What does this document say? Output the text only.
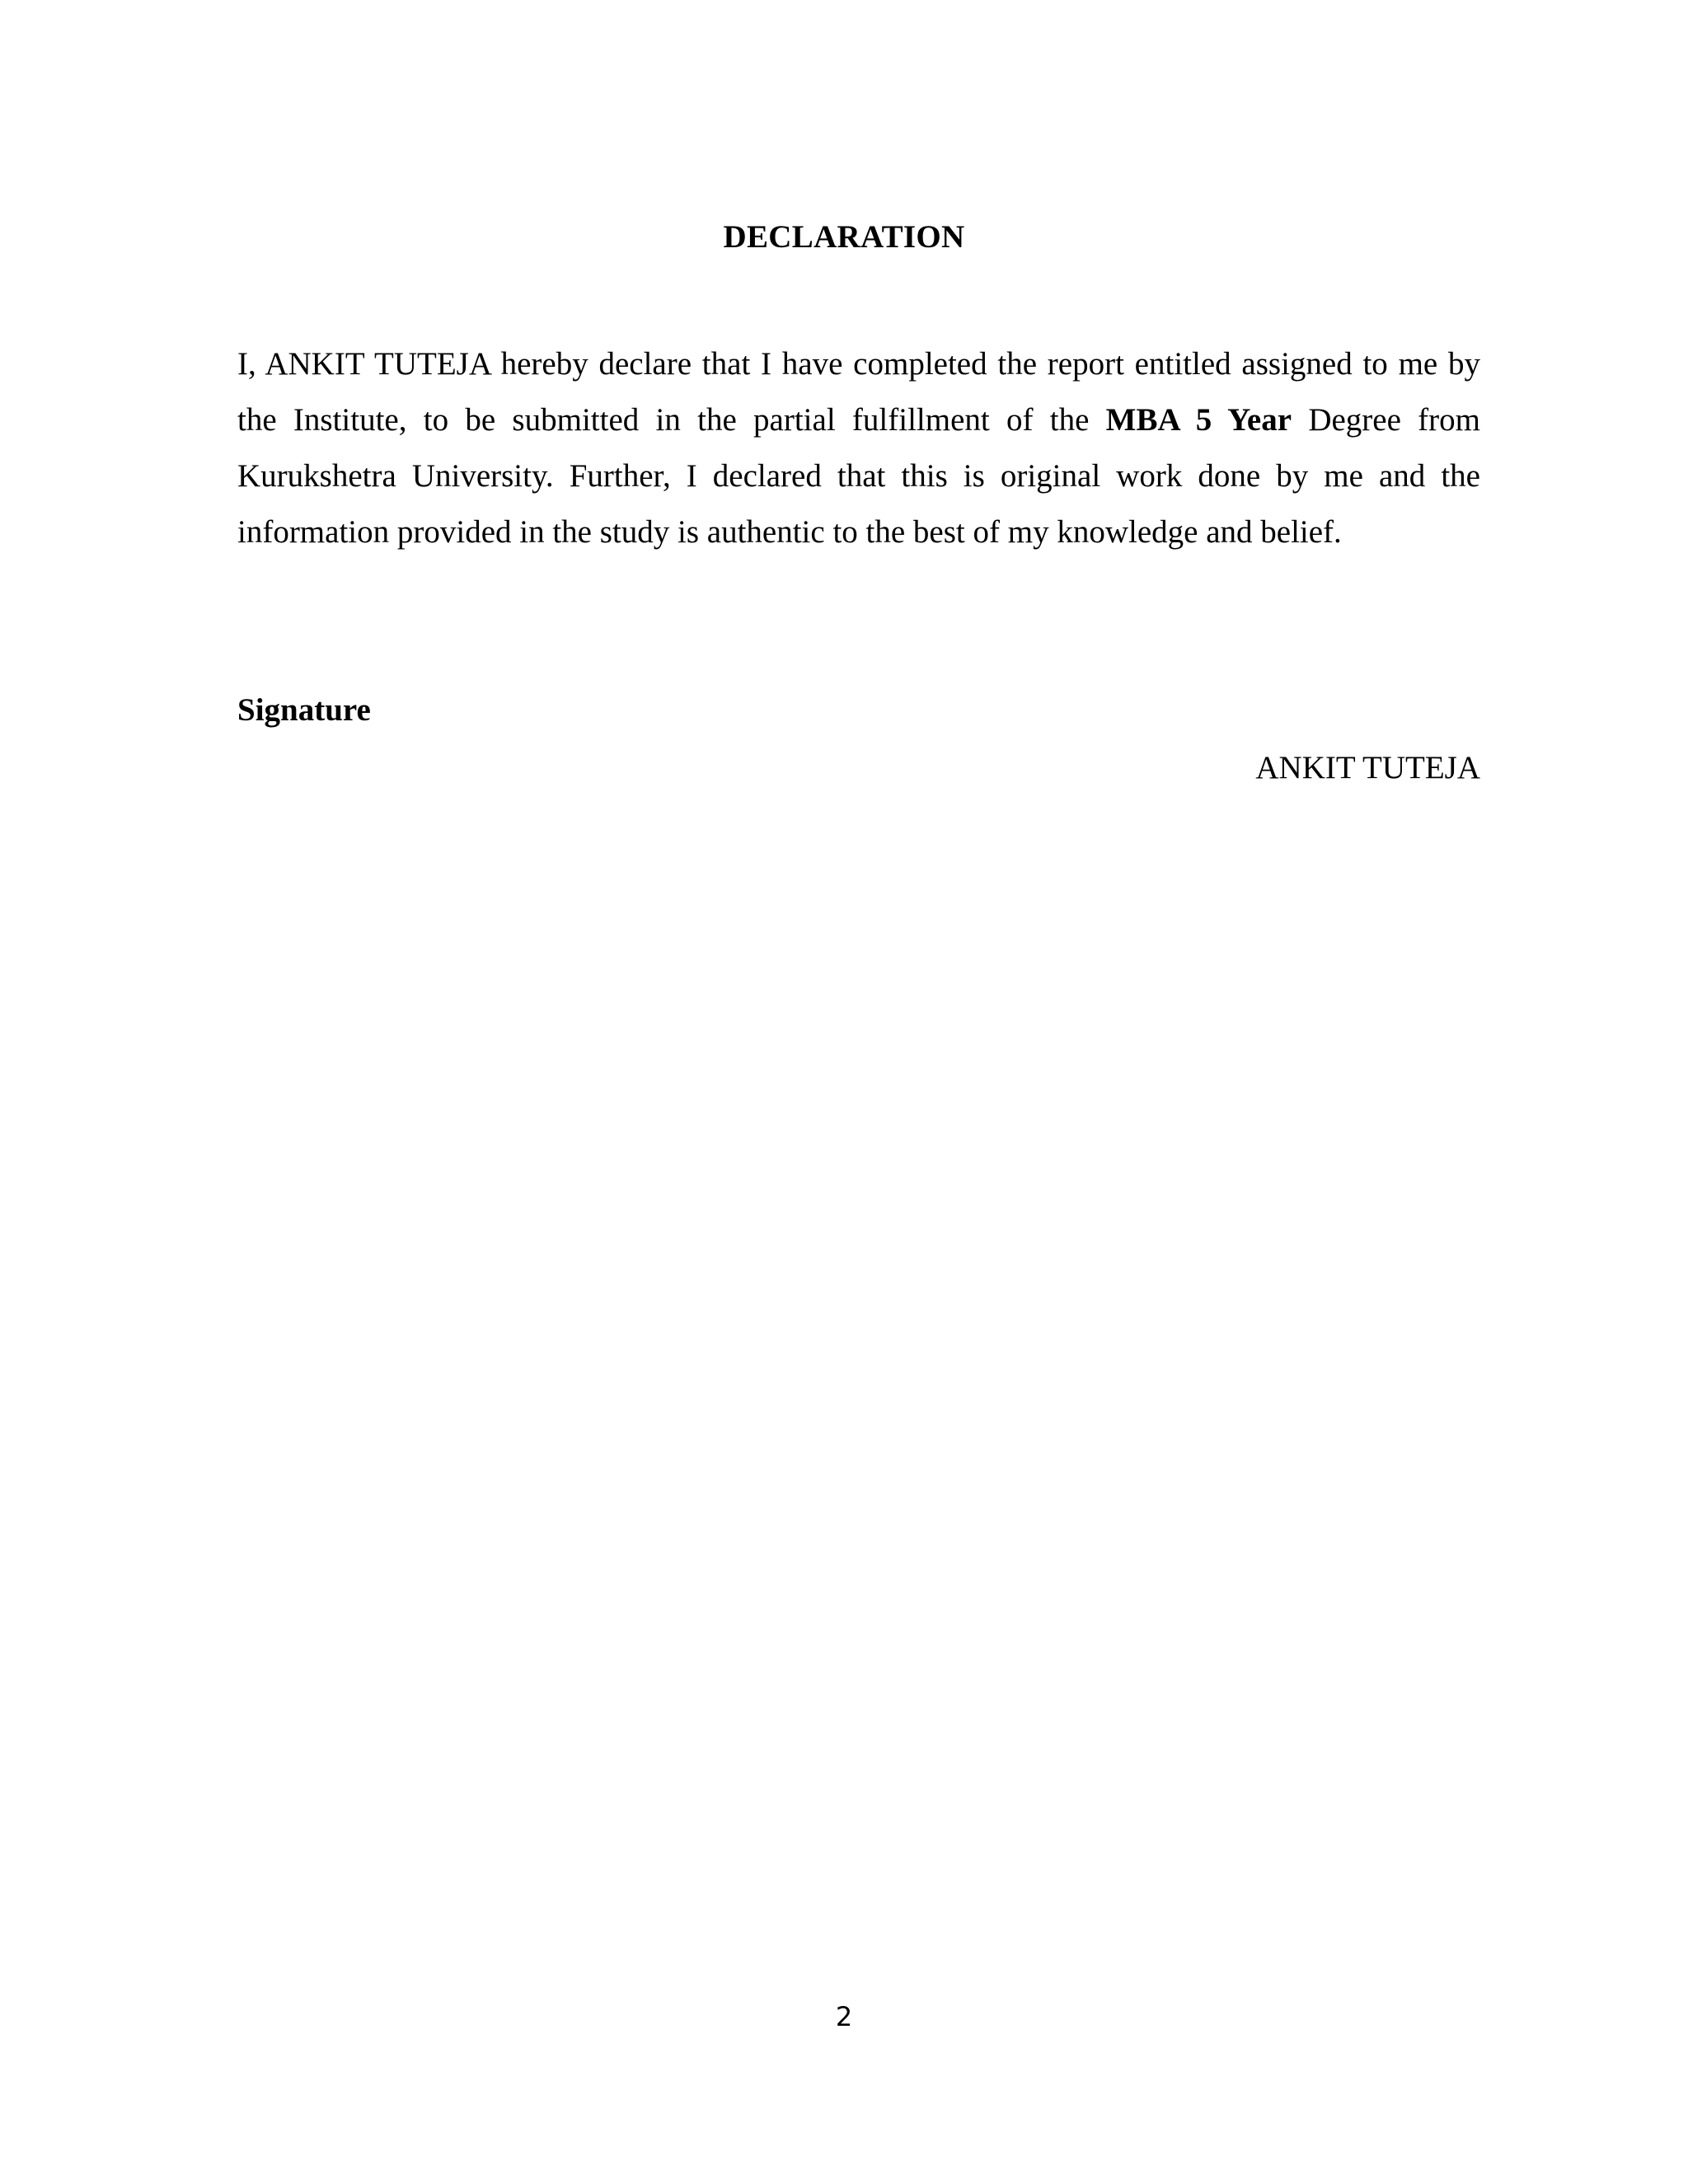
DECLARATION

I, ANKIT TUTEJA hereby declare that I have completed the report entitled assigned to me by the Institute, to be submitted in the partial fulfillment of the MBA 5 Year Degree from Kurukshetra University. Further, I declared that this is original work done by me and the information provided in the study is authentic to the best of my knowledge and belief.

Signature
ANKIT TUTEJA
2
